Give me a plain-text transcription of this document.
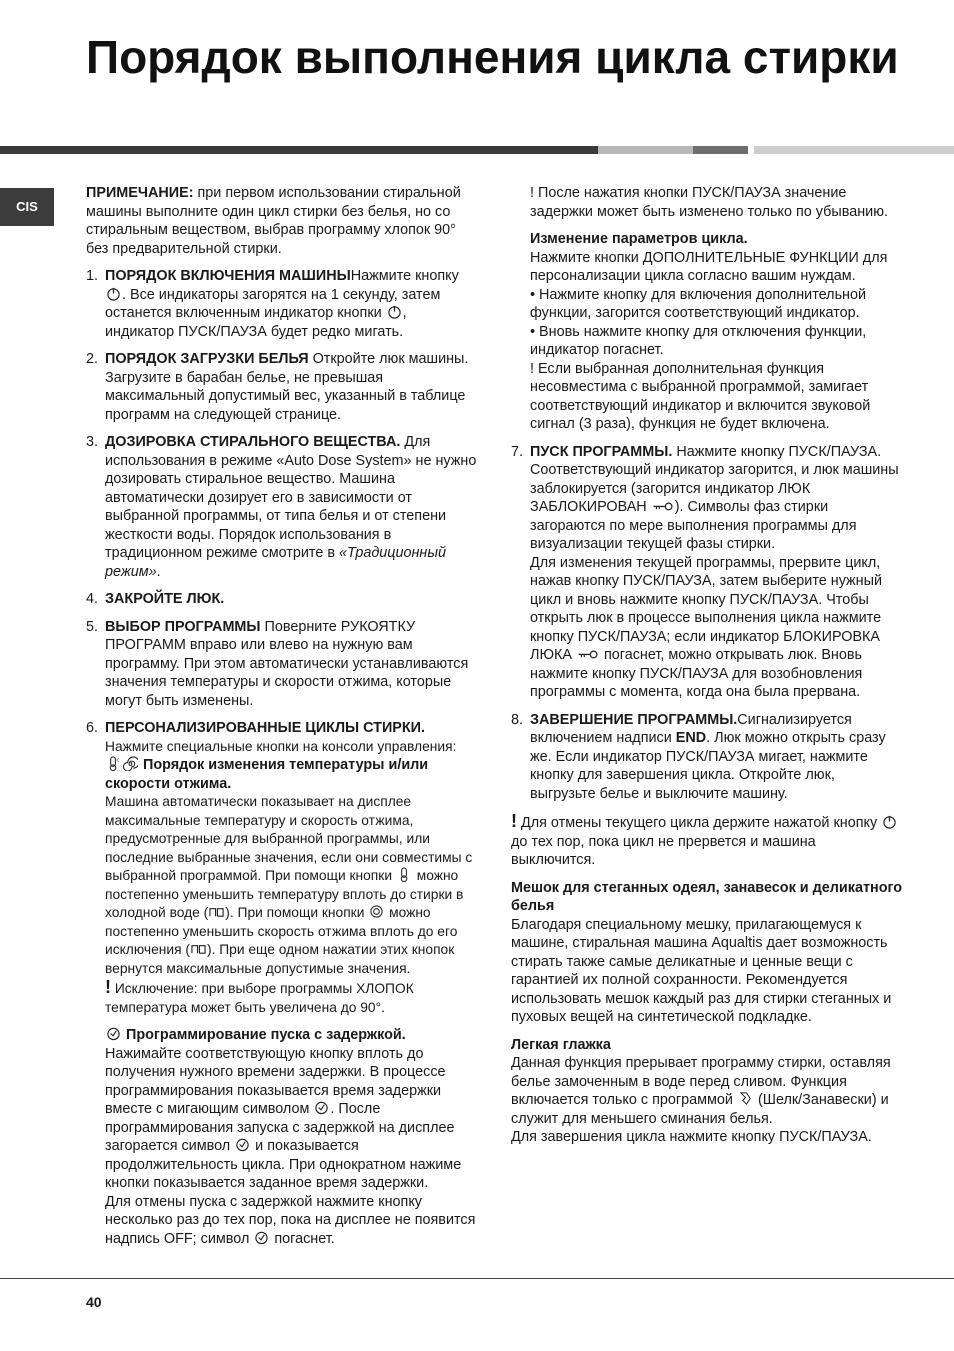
Порядок выполнения цикла стирки
CIS

ПРИМЕЧАНИЕ: при первом использовании стиральной машины выполните один цикл стирки без белья, но со стиральным веществом, выбрав программу хлопок 90° без предварительной стирки.

1. ПОРЯДОК ВКЛЮЧЕНИЯ МАШИНЫНажмите кнопку
. Все индикаторы загорятся на 1 секунду, затем останется включенным индикатор кнопки
, индикатор ПУСК/ПАУЗА будет редко мигать.
2. ПОРЯДОК ЗАГРУЗКИ БЕЛЬЯ Откройте люк машины. Загрузите в барабан белье, не превышая максимальный допустимый вес, указанный в таблице программ на следующей странице.
3. ДОЗИРОВКА СТИРАЛЬНОГО ВЕЩЕСТВА. Для использования в режиме «Auto Dose System» не нужно дозировать стиральное вещество. Машина автоматически дозирует его в зависимости от выбранной программы, от типа белья и от степени жесткости воды. Порядок использования в традиционном режиме смотрите в «Традиционный режим».
4. ЗАКРОЙТЕ ЛЮК.
5. ВЫБОР ПРОГРАММЫ Поверните РУКОЯТКУ ПРОГРАММ вправо или влево на нужную вам программу. При этом автоматически устанавливаются значения температуры и скорости отжима, которые могут быть изменены.
6. ПЕРСОНАЛИЗИРОВАННЫЕ ЦИКЛЫ СТИРКИ.
Нажмите специальные кнопки на консоли управления:
c Порядок изменения температуры и/или скорости отжима.

Машина автоматически показывает на дисплее максимальные температуру и скорость отжима, предусмотренные для выбранной программы, или последние выбранные значения, если они совместимы с выбранной программой. При помощи кнопки
можно постепенно уменьшить температуру вплоть до стирки в холодной воде ( ). При помощи кнопки
можно постепенно уменьшить скорость отжима вплоть до его исключения ( ). При еще одном нажатии этих кнопок вернутся максимальные допустимые значения.
! Исключение: при выборе программы ХЛОПОК температура может быть увеличена до 90°.

Программирование пуска с задержкой.

Нажимайте соответствующую кнопку вплоть до получения нужного времени задержки. В процессе программирования показывается время задержки вместе с мигающим символом
. После программирования запуска с задержкой на дисплее загорается символ
и показывается продолжительность цикла. При однократном нажиме кнопки показывается заданное время задержки.
Для отмены пуска с задержкой нажмите кнопку несколько раз до тех пор, пока на дисплее не появится надпись OFF; символ
погаснет.

! После нажатия кнопки ПУСК/ПАУЗА значение задержки может быть изменено только по убыванию.

Изменение параметров цикла.
Нажмите кнопки ДОПОЛНИТЕЛЬНЫЕ ФУНКЦИИ для персонализации цикла согласно вашим нуждам.
• Нажмите кнопку для включения дополнительной функции, загорится соответствующий индикатор.
• Вновь нажмите кнопку для отключения функции, индикатор погаснет.

! Если выбранная дополнительная функция несовместима с выбранной программой, замигает соответствующий индикатор и включится звуковой сигнал (3 раза), функция не будет включена.

7. ПУСК ПРОГРАММЫ. Нажмите кнопку ПУСК/ПАУЗА. Соответствующий индикатор загорится, и люк машины заблокируется (загорится индикатор ЛЮК ЗАБЛОКИРОВАН
). Символы фаз стирки загораются по мере выполнения программы для визуализации текущей фазы стирки.
Для изменения текущей программы, прервите цикл, нажав кнопку ПУСК/ПАУЗА, затем выберите нужный цикл и вновь нажмите кнопку ПУСК/ПАУЗА. Чтобы открыть люк в процессе выполнения цикла нажмите кнопку ПУСК/ПАУЗА; если индикатор БЛОКИРОВКА ЛЮКА
погаснет, можно открывать люк. Вновь нажмите кнопку ПУСК/ПАУЗА для возобновления программы с момента, когда она была прервана.
8. ЗАВЕРШЕНИЕ ПРОГРАММЫ.Сигнализируется включением надписи END. Люк можно открыть сразу же. Если индикатор ПУСК/ПАУЗА мигает, нажмите кнопку для завершения цикла. Откройте люк, выгрузьте белье и выключите машину.

! Для отмены текущего цикла держите нажатой кнопку
до тех пор, пока цикл не прервется и машина выключится.

Мешок для стеганных одеял, занавесок и деликатного белья
Благодаря специальному мешку, прилагающемуся к машине, стиральная машина Aqualtis дает возможность стирать также самые деликатные и ценные вещи с гарантией их полной сохранности. Рекомендуется использовать мешок каждый раз для стирки стеганных и пуховых вещей на синтетической подкладке.

Легкая глажка
Данная функция прерывает программу стирки, оставляя белье замоченным в воде перед сливом. Функция включается только с программой
(Шелк/Занавески) и служит для меньшего сминания белья.
Для завершения цикла нажмите кнопку ПУСК/ПАУЗА.

40
